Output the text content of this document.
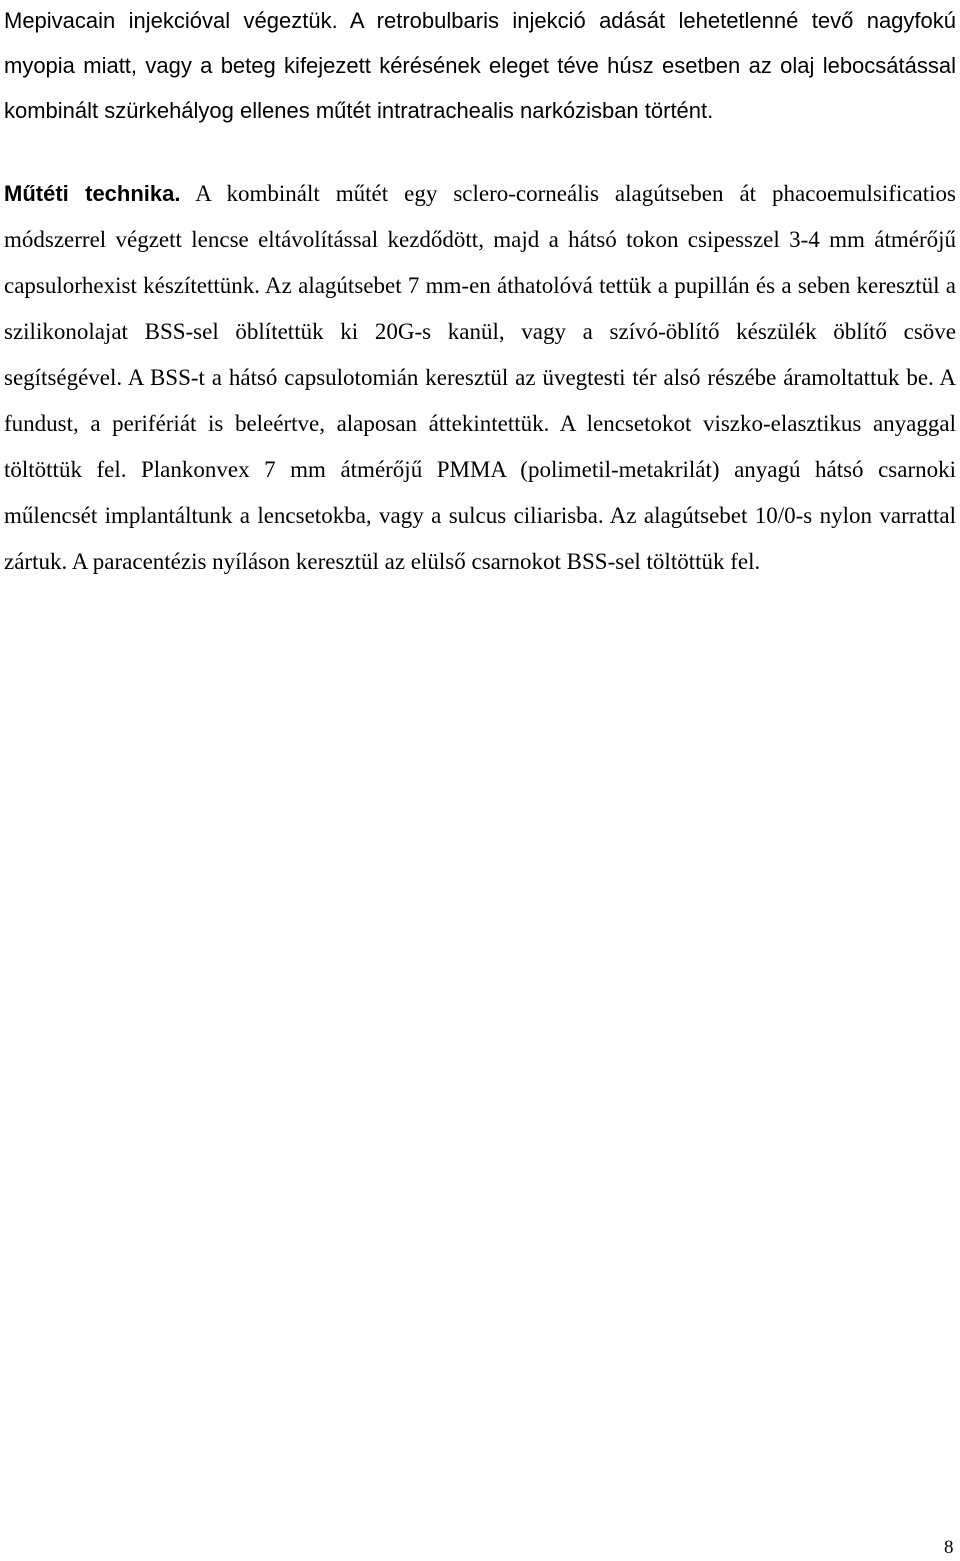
Mepivacain injekcióval végeztük. A retrobulbaris injekció adását lehetetlenné tevő nagyfokú myopia miatt, vagy a beteg kifejezett kérésének eleget téve húsz esetben az olaj lebocsátással kombinált szürkehályog ellenes műtét intratrachealis narkózisban történt.

Műtéti technika. A kombinált műtét egy sclero-corneális alagútseben át phacoemulsificatios módszerrel végzett lencse eltávolítással kezdődött, majd a hátsó tokon csipesszel 3-4 mm átmérőjű capsulorhexist készítettünk. Az alagútsebet 7 mm-en áthatolóvá tettük a pupillán és a seben keresztül a szilikonolajat BSS-sel öblítettük ki 20G-s kanül, vagy a szívó-öblítő készülék öblítő csöve segítségével. A BSS-t a hátsó capsulotomián keresztül az üvegtesti tér alsó részébe áramoltattuk be. A fundust, a perifériát is beleértve, alaposan áttekintettük. A lencsetokot viszko-elasztikus anyaggal töltöttük fel. Plankonvex 7 mm átmérőjű PMMA (polimetil-metakrilát) anyagú hátsó csarnoki műlencsét implantáltunk a lencsetokba, vagy a sulcus ciliarisba. Az alagútsebet 10/0-s nylon varrattal zártuk. A paracentézis nyíláson keresztül az elülső csarnokot BSS-sel töltöttük fel.

8
